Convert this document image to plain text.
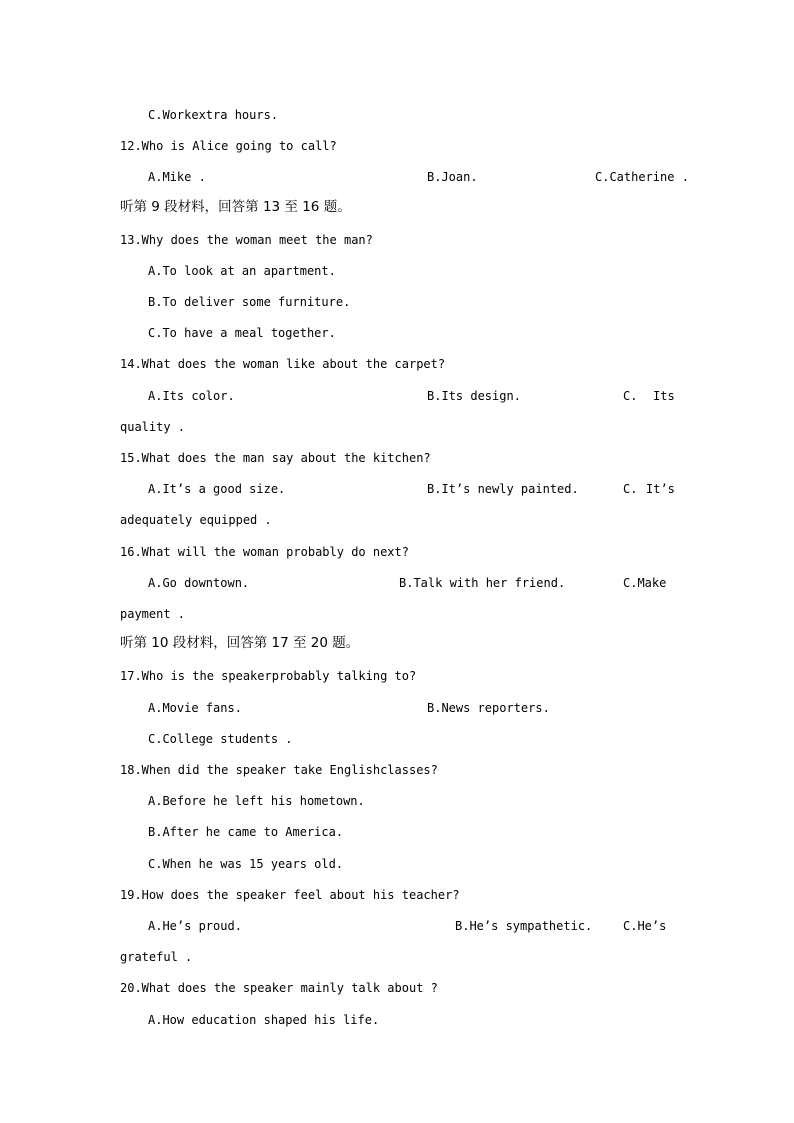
C.Workextra hours.
12.Who is Alice going to call?
A.Mike .	B.Joan.	C.Catherine .
听第 9 段材料，回答第 13 至 16 题。
13.Why does the woman meet the man?
A.To look at an apartment.
B.To deliver some furniture.
C.To have a meal together.
14.What does the woman like about the carpet?
A.Its color.	B.Its design.	C. Its
quality .
15.What does the man say about the kitchen?
A.It’s a good size.	B.It’s newly painted.	C. It’s
adequately equipped .
16.What will the woman probably do next?
A.Go downtown.	B.Talk with her friend.	C.Make
payment .
听第 10 段材料，回答第 17 至 20 题。
17.Who is the speakerprobably talking to?
A.Movie fans.	B.News reporters.
C.College students .
18.When did the speaker take Englishclasses?
A.Before he left his hometown.
B.After he came to America.
C.When he was 15 years old.
19.How does the speaker feel about his teacher?
A.He’s proud.	B.He’s sympathetic.	C.He’s
grateful .
20.What does the speaker mainly talk about ?
A.How education shaped his life.
